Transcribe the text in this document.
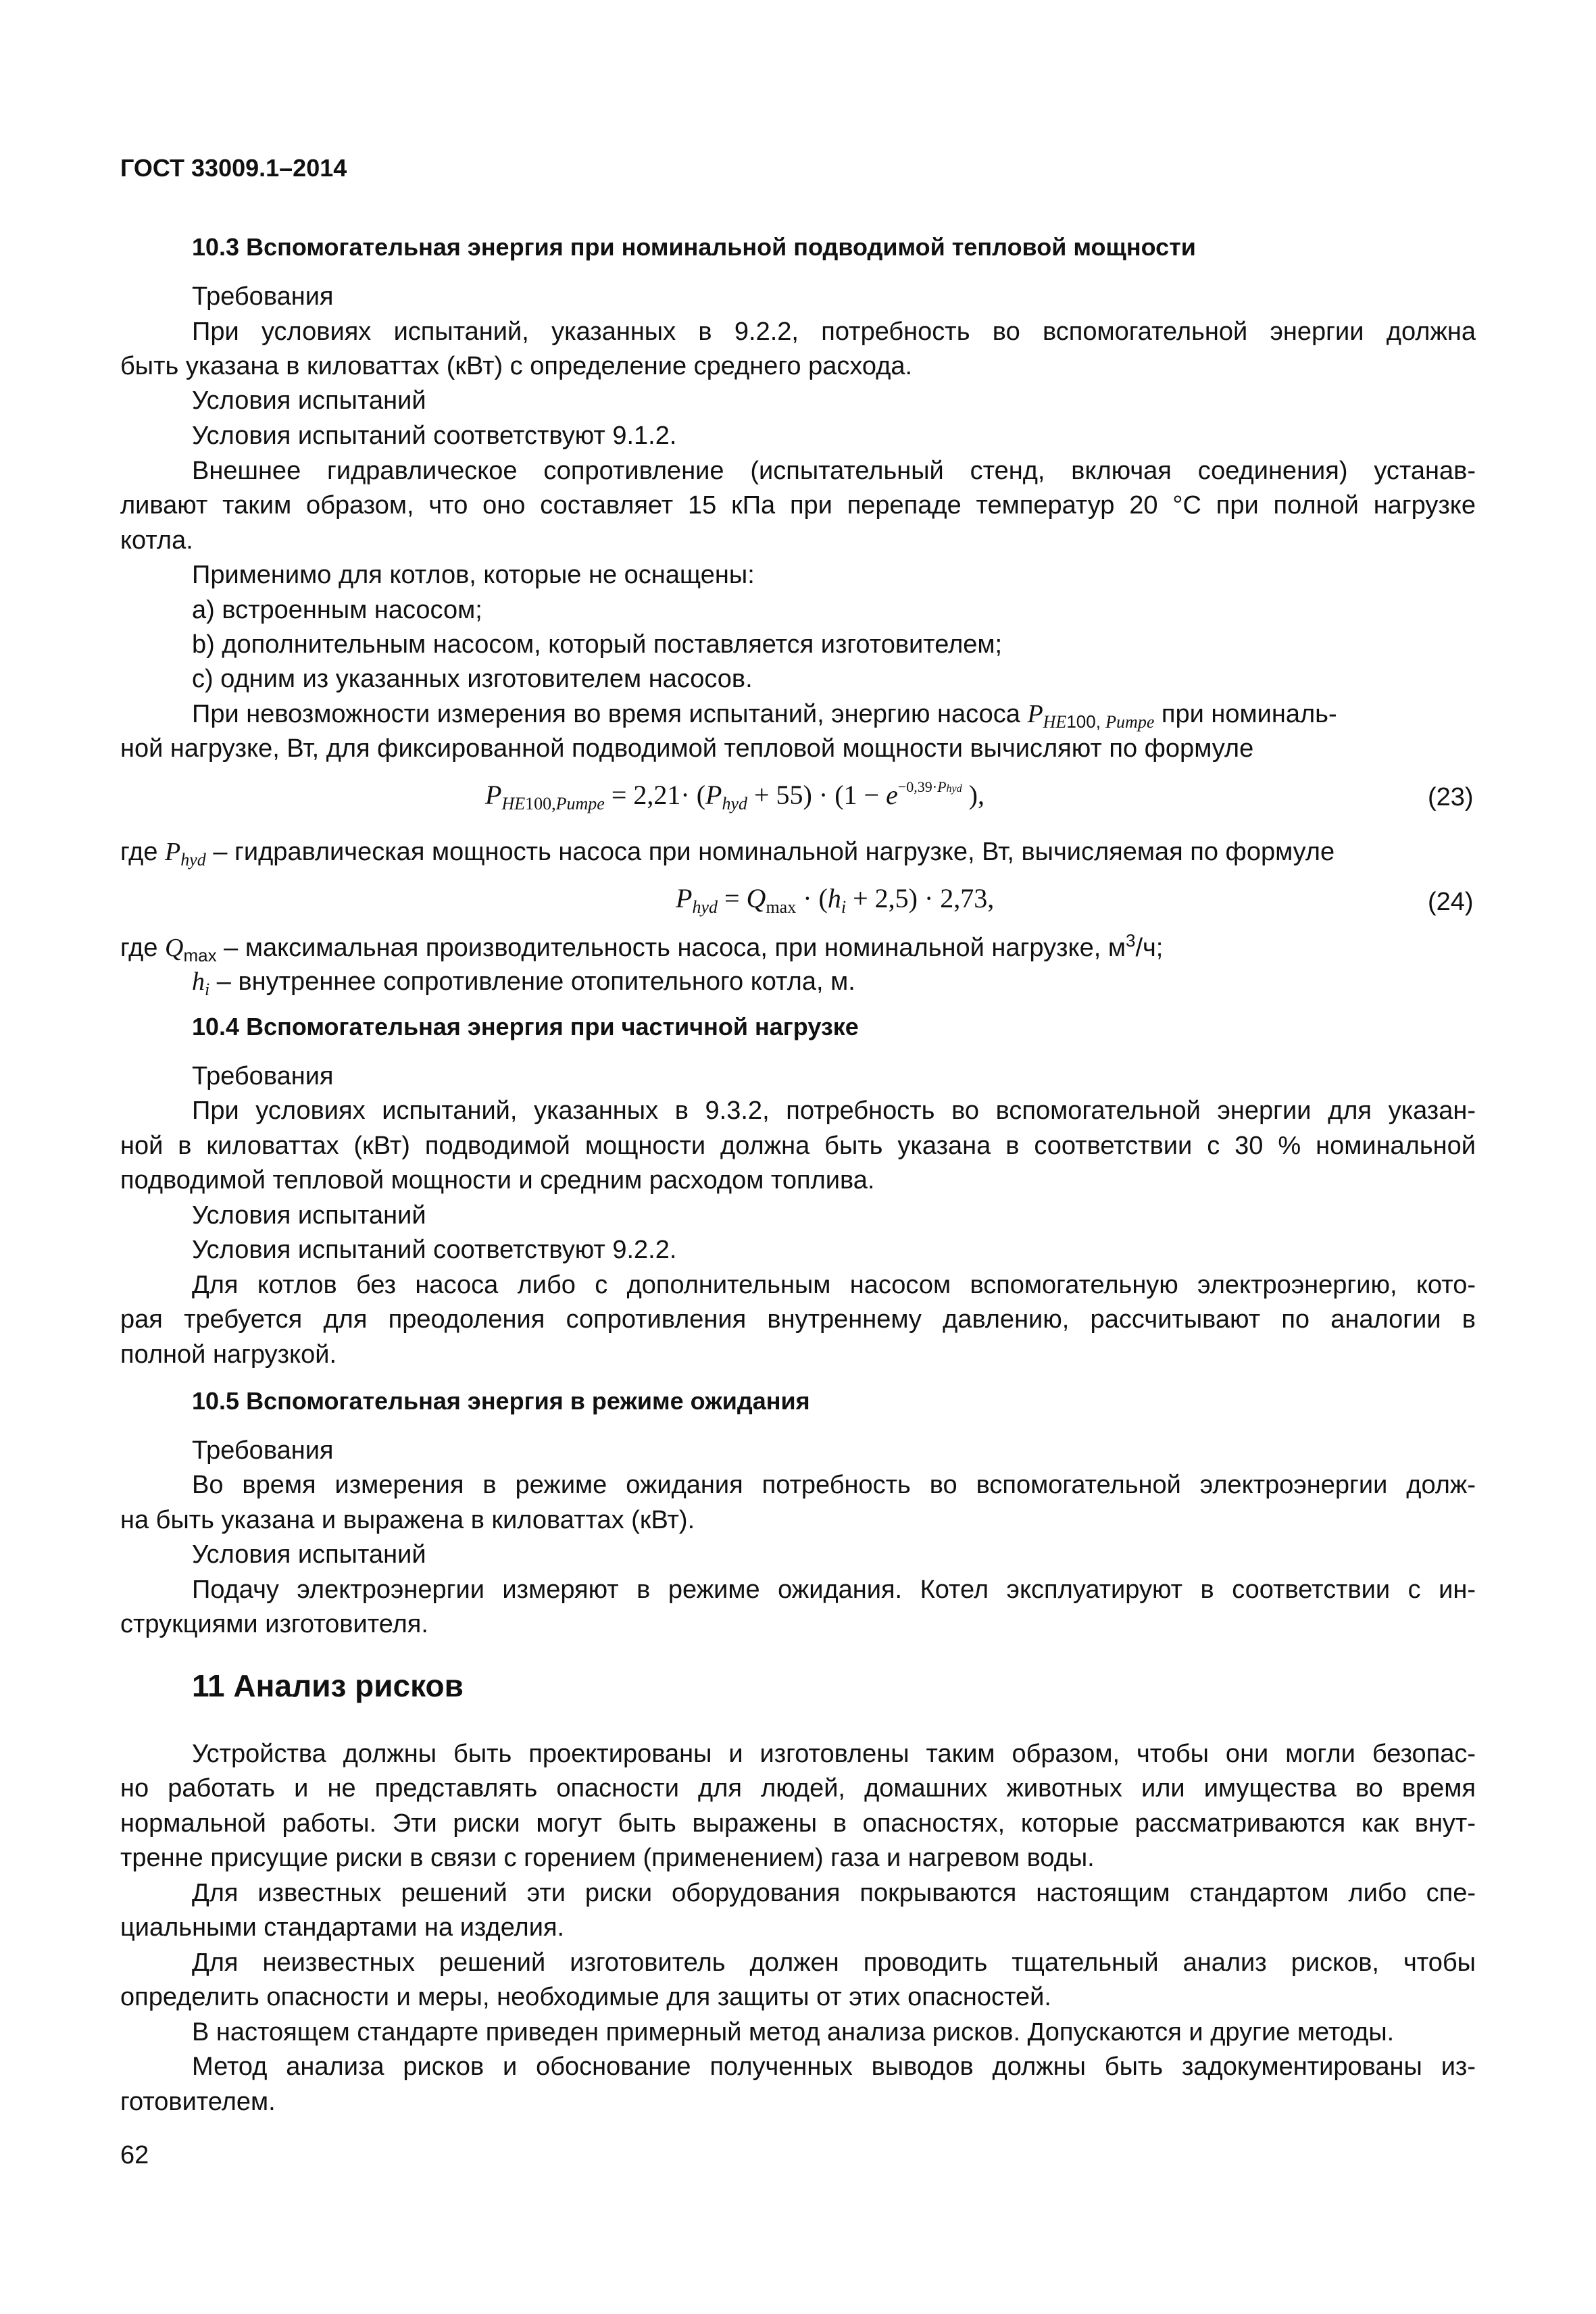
ГОСТ 33009.1–2014
10.3 Вспомогательная энергия при номинальной подводимой тепловой мощности
Требования
При условиях испытаний, указанных в 9.2.2, потребность во вспомогательной энергии должна
быть указана в киловаттах (кВт) с определение среднего расхода.
Условия испытаний
Условия испытаний соответствуют 9.1.2.
Внешнее гидравлическое сопротивление (испытательный стенд, включая соединения) устанав-
ливают таким образом, что оно составляет 15 кПа при перепаде температур 20 °С при полной нагрузке
котла.
Применимо для котлов, которые не оснащены:
а) встроенным насосом;
b) дополнительным насосом, который поставляется изготовителем;
с) одним из указанных изготовителем насосов.
При невозможности измерения во время испытаний, энергию насоса $P_{HE100, Pumpe}$ при номиналь-
ной нагрузке, Вт, для фиксированной подводимой тепловой мощности вычисляют по формуле
$P_{HE100,Pumpe} = 2,21\cdot (P_{hyd} + 55) \cdot (1 - e^{-0,39\cdot Phyd}$ ),	(23)
где $P_{hyd}$ – гидравлическая мощность насоса при номинальной нагрузке, Вт, вычисляемая по формуле
$P_{hyd} = Q_{max} \cdot (h_i + 2,5) \cdot 2,73$,	(24)
где $Q_{max}$ – максимальная производительность насоса, при номинальной нагрузке, $м^3/ч$;
$h_i$ – внутреннее сопротивление отопительного котла, м.
10.4 Вспомогательная энергия при частичной нагрузке
Требования
При условиях испытаний, указанных в 9.3.2, потребность во вспомогательной энергии для указан-
ной в киловаттах (кВт) подводимой мощности должна быть указана в соответствии с 30 % номинальной
подводимой тепловой мощности и средним расходом топлива.
Условия испытаний
Условия испытаний соответствуют 9.2.2.
Для котлов без насоса либо с дополнительным насосом вспомогательную электроэнергию, кото-
рая требуется для преодоления сопротивления внутреннему давлению, рассчитывают по аналогии в
полной нагрузкой.
10.5 Вспомогательная энергия в режиме ожидания
Требования
Во время измерения в режиме ожидания потребность во вспомогательной электроэнергии долж-
на быть указана и выражена в киловаттах (кВт).
Условия испытаний
Подачу электроэнергии измеряют в режиме ожидания. Котел эксплуатируют в соответствии с ин-
струкциями изготовителя.
11 Анализ рисков
Устройства должны быть проектированы и изготовлены таким образом, чтобы они могли безопас-
но работать и не представлять опасности для людей, домашних животных или имущества во время
нормальной работы. Эти риски могут быть выражены в опасностях, которые рассматриваются как внут-
тренне присущие риски в связи с горением (применением) газа и нагревом воды.
Для известных решений эти риски оборудования покрываются настоящим стандартом либо спе-
циальными стандартами на изделия.
Для неизвестных решений изготовитель должен проводить тщательный анализ рисков, чтобы
определить опасности и меры, необходимые для защиты от этих опасностей.
В настоящем стандарте приведен примерный метод анализа рисков. Допускаются и другие методы.
Метод анализа рисков и обоснование полученных выводов должны быть задокументированы из-
готовителем.
62
